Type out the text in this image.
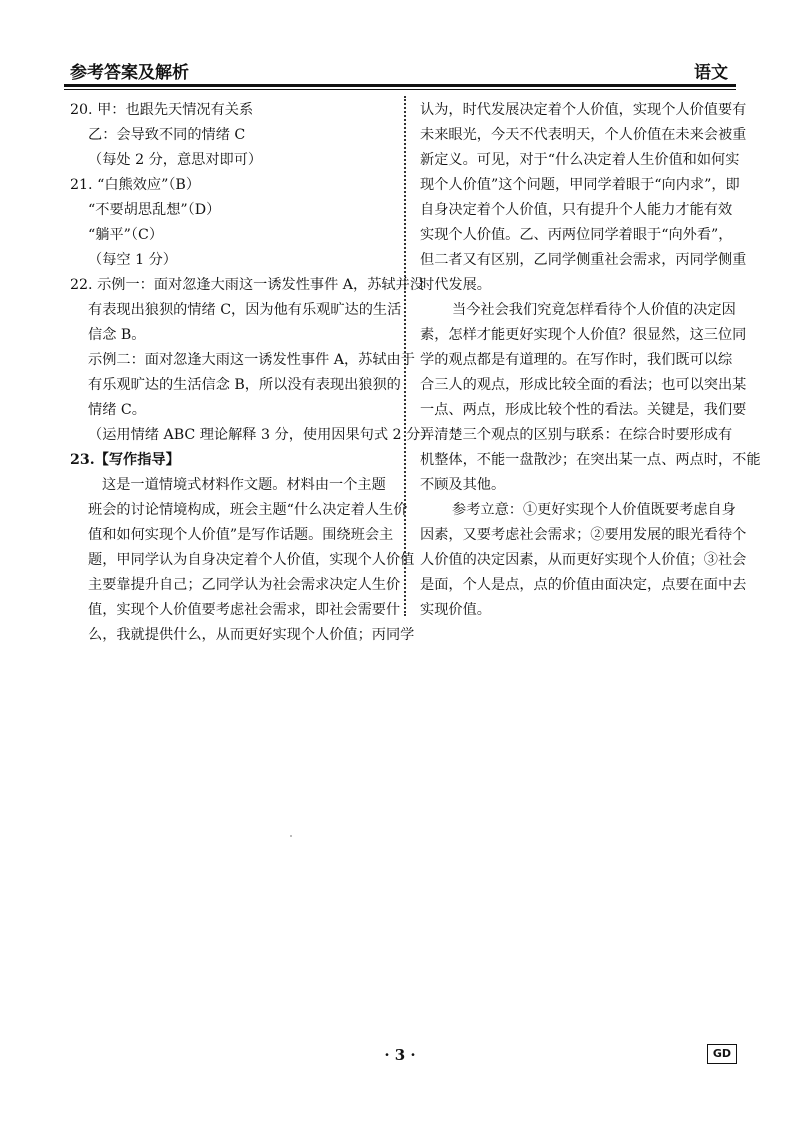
参考答案及解析	语文
20. 甲：也跟先天情况有关系
乙：会导致不同的情绪 C
（每处 2 分，意思对即可）
21. “白熊效应”（B）
“不要胡思乱想”（D）
“躺平”（C）
（每空 1 分）
22. 示例一：面对忽逢大雨这一诱发性事件 A，苏轼并没
有表现出狼狈的情绪 C，因为他有乐观旷达的生活
信念 B。
示例二：面对忽逢大雨这一诱发性事件 A，苏轼由于
有乐观旷达的生活信念 B，所以没有表现出狼狈的
情绪 C。
（运用情绪 ABC 理论解释 3 分，使用因果句式 2 分）
23.【写作指导】
这是一道情境式材料作文题。材料由一个主题
班会的讨论情境构成，班会主题“什么决定着人生价
值和如何实现个人价值”是写作话题。围绕班会主
题，甲同学认为自身决定着个人价值，实现个人价值
主要靠提升自己；乙同学认为社会需求决定人生价
值，实现个人价值要考虑社会需求，即社会需要什
么，我就提供什么，从而更好实现个人价值；丙同学
认为，时代发展决定着个人价值，实现个人价值要有
未来眼光，今天不代表明天，个人价值在未来会被重
新定义。可见，对于“什么决定着人生价值和如何实
现个人价值”这个问题，甲同学着眼于“向内求”，即
自身决定着个人价值，只有提升个人能力才能有效
实现个人价值。乙、丙两位同学着眼于“向外看”，
但二者又有区别，乙同学侧重社会需求，丙同学侧重
时代发展。
当今社会我们究竟怎样看待个人价值的决定因
素，怎样才能更好实现个人价值？很显然，这三位同
学的观点都是有道理的。在写作时，我们既可以综
合三人的观点，形成比较全面的看法；也可以突出某
一点、两点，形成比较个性的看法。关键是，我们要
弄清楚三个观点的区别与联系：在综合时要形成有
机整体，不能一盘散沙；在突出某一点、两点时，不能
不顾及其他。
参考立意：①更好实现个人价值既要考虑自身
因素，又要考虑社会需求；②要用发展的眼光看待个
人价值的决定因素，从而更好实现个人价值；③社会
是面，个人是点，点的价值由面决定，点要在面中去
实现价值。
· 3 ·	GD
